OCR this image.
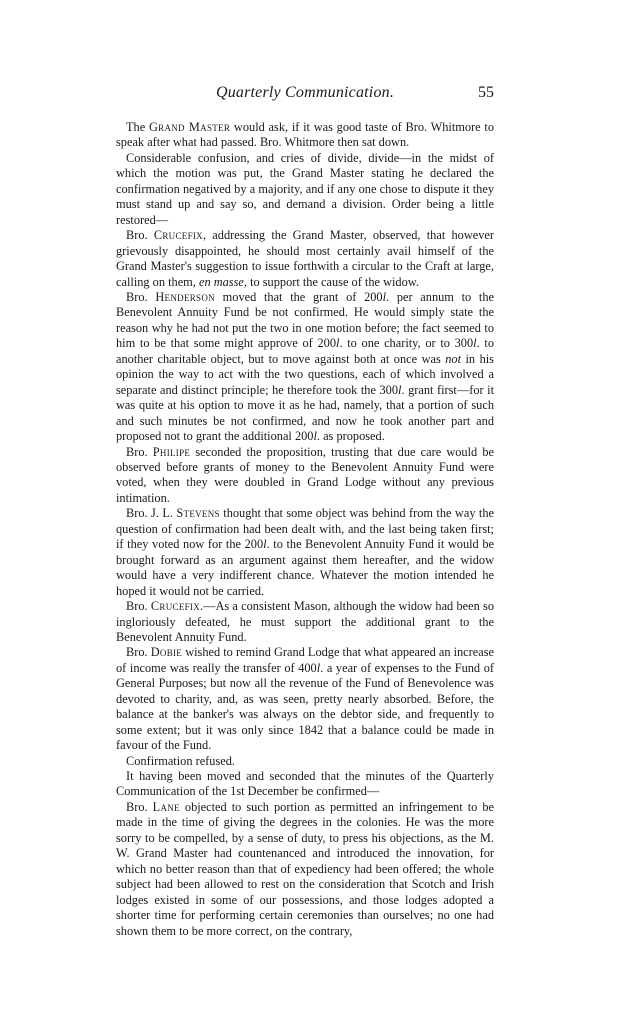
Quarterly Communication.	55

The Grand Master would ask, if it was good taste of Bro. Whitmore to speak after what had passed. Bro. Whitmore then sat down.

Considerable confusion, and cries of divide, divide—in the midst of which the motion was put, the Grand Master stating he declared the confirmation negatived by a majority, and if any one chose to dispute it they must stand up and say so, and demand a division. Order being a little restored—

Bro. Crucefix, addressing the Grand Master, observed, that however grievously disappointed, he should most certainly avail himself of the Grand Master's suggestion to issue forthwith a circular to the Craft at large, calling on them, en masse, to support the cause of the widow.

Bro. Henderson moved that the grant of 200l. per annum to the Benevolent Annuity Fund be not confirmed. He would simply state the reason why he had not put the two in one motion before; the fact seemed to him to be that some might approve of 200l. to one charity, or to 300l. to another charitable object, but to move against both at once was not in his opinion the way to act with the two questions, each of which involved a separate and distinct principle; he therefore took the 300l. grant first—for it was quite at his option to move it as he had, namely, that a portion of such and such minutes be not confirmed, and now he took another part and proposed not to grant the additional 200l. as proposed.

Bro. Philipe seconded the proposition, trusting that due care would be observed before grants of money to the Benevolent Annuity Fund were voted, when they were doubled in Grand Lodge without any previous intimation.

Bro. J. L. Stevens thought that some object was behind from the way the question of confirmation had been dealt with, and the last being taken first; if they voted now for the 200l. to the Benevolent Annuity Fund it would be brought forward as an argument against them hereafter, and the widow would have a very indifferent chance. Whatever the motion intended he hoped it would not be carried.

Bro. Crucefix.—As a consistent Mason, although the widow had been so ingloriously defeated, he must support the additional grant to the Benevolent Annuity Fund.

Bro. Dobie wished to remind Grand Lodge that what appeared an increase of income was really the transfer of 400l. a year of expenses to the Fund of General Purposes; but now all the revenue of the Fund of Benevolence was devoted to charity, and, as was seen, pretty nearly absorbed. Before, the balance at the banker's was always on the debtor side, and frequently to some extent; but it was only since 1842 that a balance could be made in favour of the Fund.

Confirmation refused.

It having been moved and seconded that the minutes of the Quarterly Communication of the 1st December be confirmed—

Bro. Lane objected to such portion as permitted an infringement to be made in the time of giving the degrees in the colonies. He was the more sorry to be compelled, by a sense of duty, to press his objections, as the M. W. Grand Master had countenanced and introduced the innovation, for which no better reason than that of expediency had been offered; the whole subject had been allowed to rest on the consideration that Scotch and Irish lodges existed in some of our possessions, and those lodges adopted a shorter time for performing certain ceremonies than ourselves; no one had shown them to be more correct, on the contrary,
